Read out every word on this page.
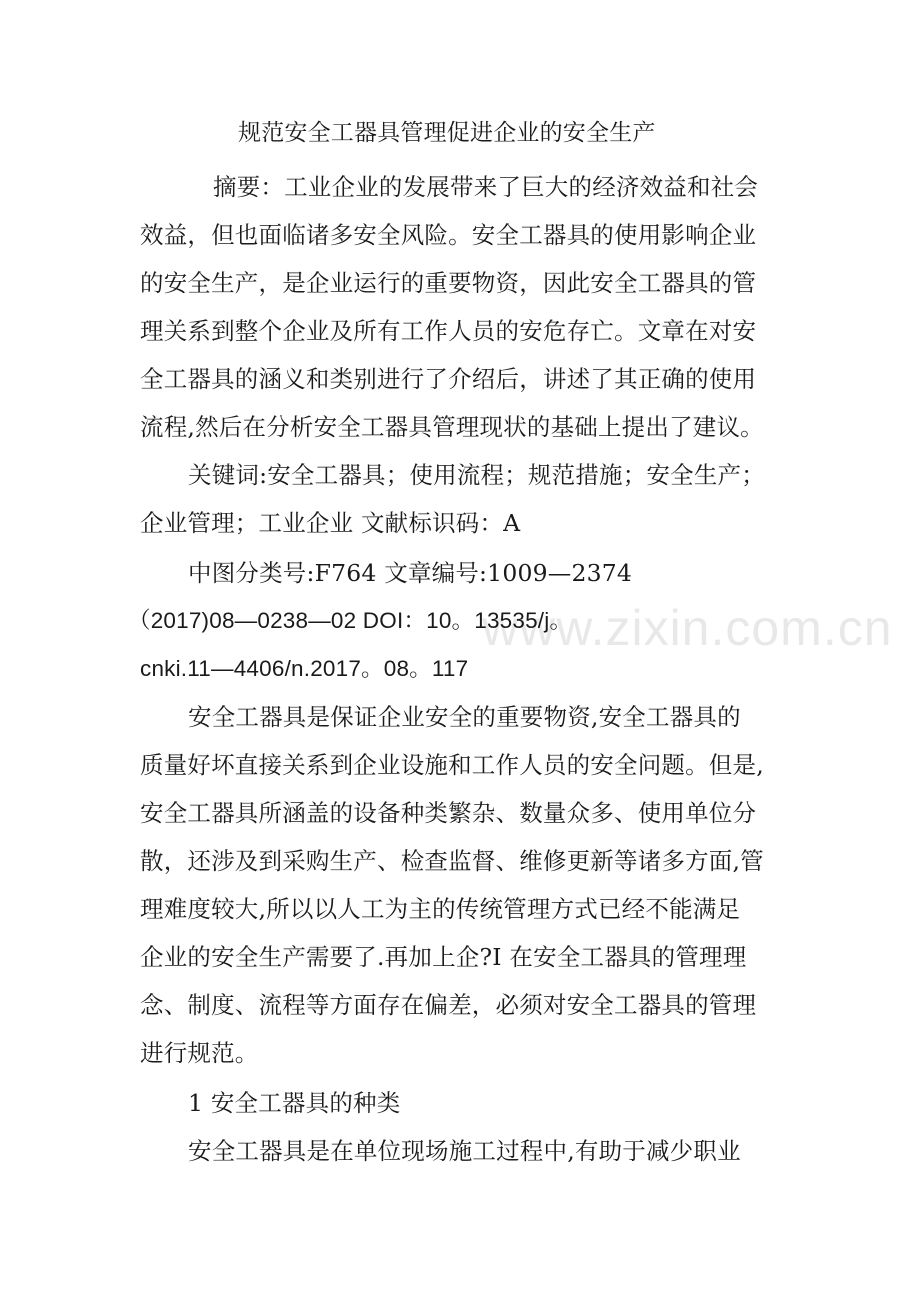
规范安全工器具管理促进企业的安全生产
摘要：工业企业的发展带来了巨大的经济效益和社会
效益，但也面临诸多安全风险。安全工器具的使用影响企业
的安全生产，是企业运行的重要物资，因此安全工器具的管
理关系到整个企业及所有工作人员的安危存亡。文章在对安
全工器具的涵义和类别进行了介绍后，讲述了其正确的使用
流程,然后在分析安全工器具管理现状的基础上提出了建议。
关键词:安全工器具；使用流程；规范措施；安全生产；
企业管理；工业企业 文献标识码：A
中图分类号:F764 文章编号:1009—2374
（2017)08—0238—02 DOI：10。13535/j。
cnki.11—4406/n.2017。08。117
安全工器具是保证企业安全的重要物资,安全工器具的
质量好坏直接关系到企业设施和工作人员的安全问题。但是,
安全工器具所涵盖的设备种类繁杂、数量众多、使用单位分
散，还涉及到采购生产、检查监督、维修更新等诸多方面,管
理难度较大,所以以人工为主的传统管理方式已经不能满足
企业的安全生产需要了.再加上企?I 在安全工器具的管理理
念、制度、流程等方面存在偏差，必须对安全工器具的管理
进行规范。
1 安全工器具的种类
安全工器具是在单位现场施工过程中,有助于减少职业
www.zixin.com.cn
